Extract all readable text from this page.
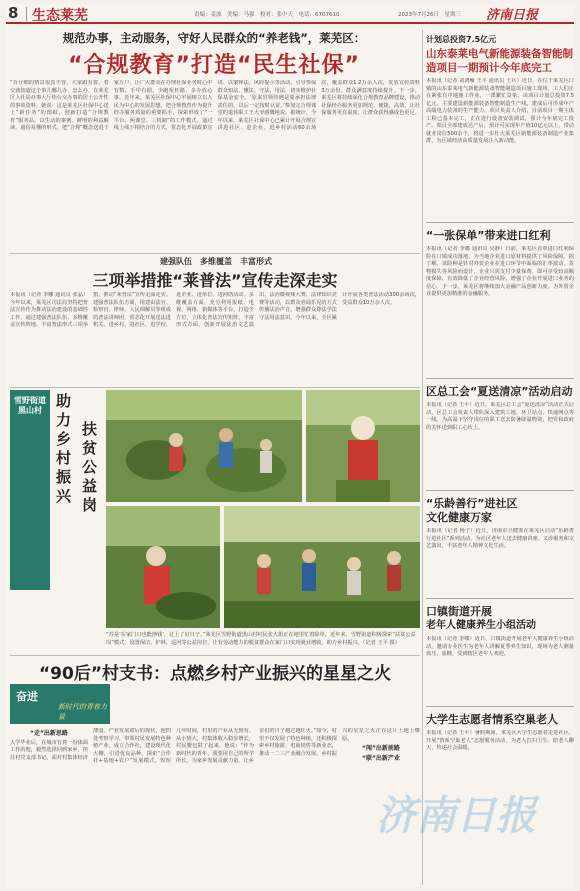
8 生态莱芜	责编：姜波　美编：马强　校对：张中天　电话：6707610	2023年7月26日　星期三 济南日报
规范办事，主动服务，守好人民群众的“养老钱”，莱芜区：
“合规教育”打造“民生社保”
“百仔细的情景很真不容，大家跟有着，着交就知道这个事儿哪儿办，怎么办，在莱芜区人社局办事大厅柜台交办事的居士公开性的事项资料，她说：这是莱芜区社保中心送上“新任务”的图纸，创新打造“合规教育”服务品，以生动的案例、鲜明的利益解读、通俗易懂的形式，把“合规”概念送进千家万户，让广大群众在办理社保业务时心中有数、手中有据，少跑冤枉路，多办放心事。近年来，莱芜区社保中心牢固树立以人民为中心的发展思想，把合规教育作为提升经办服务质量的重要抓手，探索形成了“一平台、两课堂、三机制”的工作模式。通过线上线下相结合的方式，常态化开展政策宣讲、以案释法、风险提示等活动，引导参保群众知法、懂法、守法、用法，切实维护社保基金安全。‘原来冒领待遇是要承担法律责任的，以后一定按时认证。’参加完合规课堂的退休职工王大爷感慨地说。据统计，今年以来，莱芜区社保中心已累计开展合规宣讲进社区、进企业、进乡村活动60余场次，覆盖群众1.2万余人次，发放宣传资料3万余份，群众满意度持续提升。下一步，莱芜区将持续深化合规教育品牌建设，推动社保经办服务更加规范、便捷、高效，让社保服务更有温度，让群众获得感成色更足。
建强队伍　多维覆盖　丰富形式
三项举措推“莱普法”宣传走深走实
本报讯（记者 李娜 通讯员 张晶）今年以来，莱芜区司法局坚持把普法宣传作为推动法治建设的基础性工作，通过建强普法队伍、多维覆盖宣传阵地、丰富普法形式三项举措，推动“莱普法”宣传走深走实。建强普法队伍方面，组建由法官、检察官、律师、人民调解员等组成的普法讲师团，常态化开展送法进机关、进乡村、进社区、进学校、进企业、进单位、进网络活动。多维覆盖方面，充分利用报纸、电视、网络、新媒体等平台，打造全方位、立体化普法宣传矩阵。丰富形式方面，创新开展法治文艺演出、法治微视频大赛、法律知识竞赛等活动，以群众喜闻乐见的方式传播法治声音，增强群众尊法学法守法用法意识。今年以来，全区累计开展各类普法活动300余场次，受益群众10万余人次。
雪野街道黑山村
助力乡村振兴
扶贫公益岗
“苏是‘在家门口也能挣钱’，过上了好日子。”莱芜区雪野街道黑山村村民张大姐正在地里忙着除草。近年来，雪野街道积极探索“扶贫公益岗”模式，设置保洁、护林、巡河等公益岗位，让有劳动能力的脱贫群众在家门口实现就业增收，助力乡村振兴。（记者 王平 摄）
“90后”村支书：点燃乡村产业振兴的星星之火
奋进
新时代的青春力量
“走”出新思路
大学毕业后，在城市有着一份体面工作的他，毅然选择回到家乡，担任村党支部书记。面对村集体经济薄弱、产业发展滞后的现状，他四处考察学习，带领村民发展特色种植产业，成立合作社，建设现代化大棚，引进优良品种，探索“合作社+基地+农户”发展模式。短短几年时间，村里的产业从无到有、从小到大，村集体收入稳步增长，村民腰包鼓了起来。他说：“作为新时代的青年，我要用自己的所学所长，为家乡发展贡献力量，让乡亲们的日子越过越红火。”如今，村里不仅发展了特色种植，还积极探索乡村旅游、电商销售等新业态，推动一二三产业融合发展，乡村振兴的星星之火正在这片土地上燎原。
“闯”出新前路
“联”出新产业
计划总投资7.5亿元
山东泰莱电气新能源装备智能制造项目一期预计今年底完工
本报讯（记者 刘鸿雁 王平 通讯员 王兵）近日，在位于莱芜区口镇的山东泰莱电气新能源装备智能制造项目施工现场，工人们正在紧张有序地施工作业，一派繁忙景象。该项目计划总投资7.5亿元，主要建设新能源装备智能制造生产线，建成后可形成年产高端电力装备的生产能力。项目负责人介绍，目前项目一期主体工程已基本完工，正在进行设备安装调试，预计今年底完工投产。项目全部建成达产后，预计可实现年产值10亿元以上，带动就业岗位500余个，将进一步壮大莱芜区新能源装备制造产业集群，为区域经济高质量发展注入新动能。
“一张保单”带来进口红利
本报讯（记者 李娜 通讯员 吴静）日前，莱芜区首单进口红利保险在口镇成功落地，为当地企业进口原材料提供了风险保障。据了解，该险种是针对外贸企业在进口环节中面临的汇率波动、货物损失等风险而设计，企业只需支付少量保费，即可享受较高额度保障，有效降低了企业经营风险，增强了企业开展进口业务的信心。下一步，莱芜区将继续加大金融产品创新力度，为外贸企业提供更加精准的金融服务。
区总工会“夏送清凉”活动启动
本报讯（记者 王平）近日，莱芜区总工会“夏送清凉”活动正式启动，区总工会负责人带队深入建筑工地、环卫站点、快递网点等一线，为高温下坚守岗位的职工送去防暑降温物资，把党和政府的关怀送到职工心坎上。
“乐龄善行”进社区
文化健康万家
本报讯（记者 杨子）近日，济南市卫健委在莱芜区启动“乐龄善行进社区”系列活动，为社区老年人送去健康讲座、义诊服务和文艺演出，丰富老年人精神文化生活。
口镇街道开展
老年人健康养生小组活动
本报讯（记者 李娜）近日，口镇街道开展老年人健康养生小组活动，邀请专业医生为老年人讲解夏季养生知识，现场为老人测量血压、血糖，受到辖区老年人欢迎。
大学生志愿者情系空巢老人
本报讯（记者 王平）暑假期间，莱芜区大学生志愿者走进社区，开展“情系空巢老人”志愿服务活动，为老人打扫卫生、陪老人聊天，传递社会温暖。
济南日报
